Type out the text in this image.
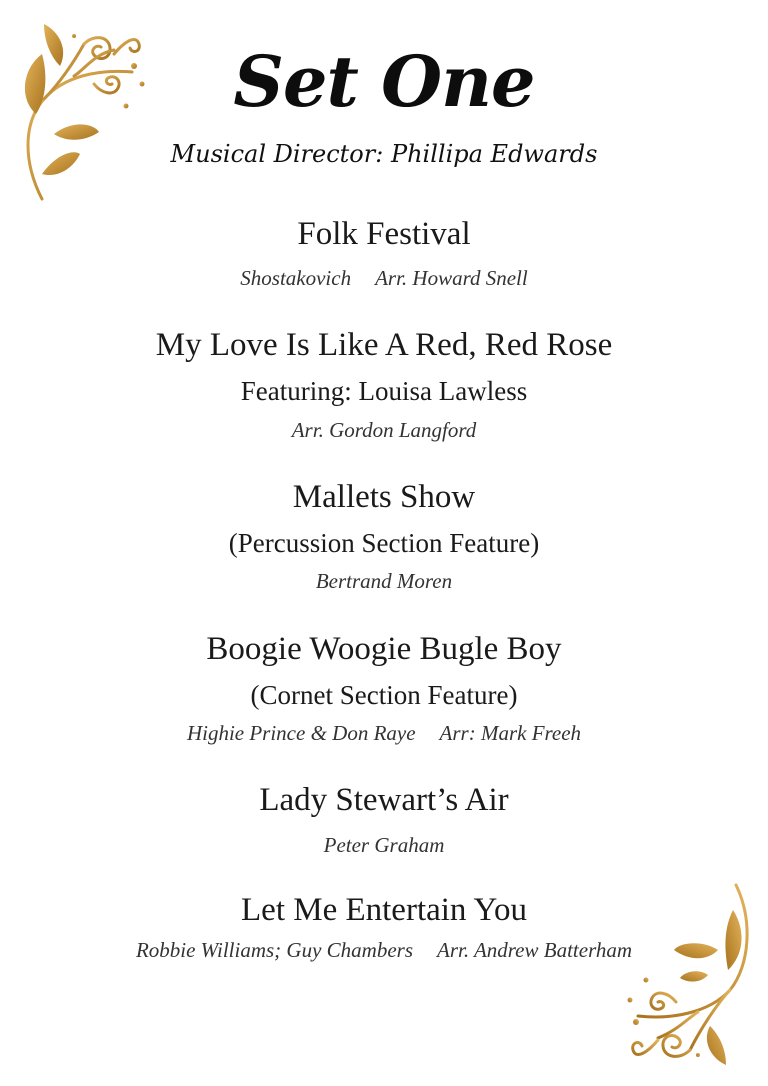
Set One
Musical Director: Phillipa Edwards
Folk Festival
Shostakovich Arr. Howard Snell
My Love Is Like A Red, Red Rose
Featuring: Louisa Lawless
Arr. Gordon Langford
Mallets Show
(Percussion Section Feature)
Bertrand Moren
Boogie Woogie Bugle Boy
(Cornet Section Feature)
Highie Prince & Don Raye Arr: Mark Freeh
Lady Stewart’s Air
Peter Graham
Let Me Entertain You
Robbie Williams; Guy Chambers Arr. Andrew Batterham
